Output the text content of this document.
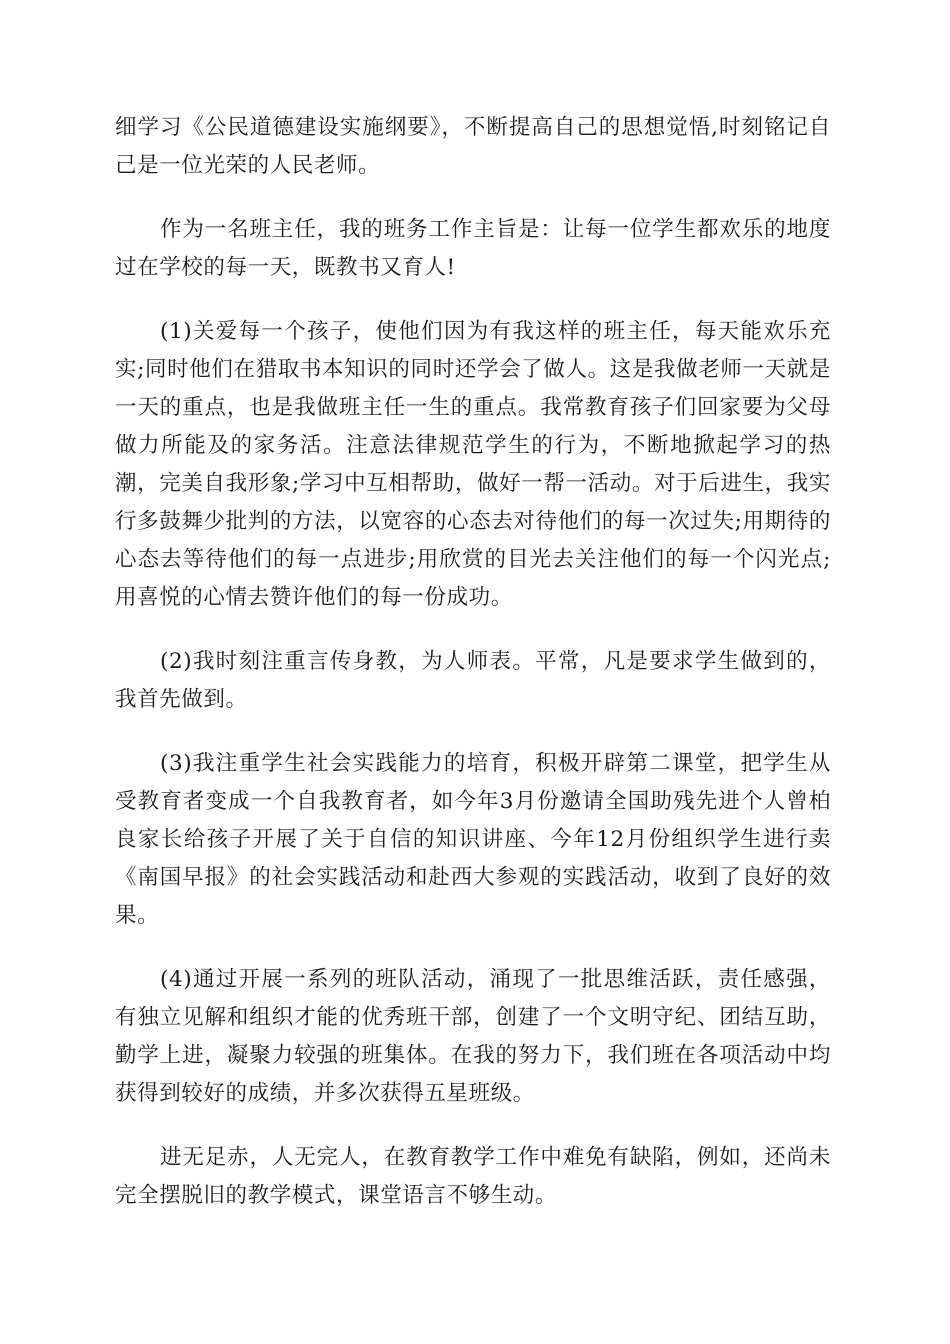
细学习《公民道德建设实施纲要》，不断提高自己的思想觉悟,时刻铭记自己是一位光荣的人民老师。

作为一名班主任，我的班务工作主旨是：让每一位学生都欢乐的地度过在学校的每一天，既教书又育人!

(1)关爱每一个孩子，使他们因为有我这样的班主任，每天能欢乐充实;同时他们在猎取书本知识的同时还学会了做人。这是我做老师一天就是一天的重点，也是我做班主任一生的重点。我常教育孩子们回家要为父母做力所能及的家务活。注意法律规范学生的行为，不断地掀起学习的热潮，完美自我形象;学习中互相帮助，做好一帮一活动。对于后进生，我实行多鼓舞少批判的方法，以宽容的心态去对待他们的每一次过失;用期待的心态去等待他们的每一点进步;用欣赏的目光去关注他们的每一个闪光点;用喜悦的心情去赞许他们的每一份成功。

(2)我时刻注重言传身教，为人师表。平常，凡是要求学生做到的，我首先做到。

(3)我注重学生社会实践能力的培育，积极开辟第二课堂，把学生从受教育者变成一个自我教育者，如今年3月份邀请全国助残先进个人曾柏良家长给孩子开展了关于自信的知识讲座、今年12月份组织学生进行卖《南国早报》的社会实践活动和赴西大参观的实践活动，收到了良好的效果。

(4)通过开展一系列的班队活动，涌现了一批思维活跃，责任感强，有独立见解和组织才能的优秀班干部，创建了一个文明守纪、团结互助，勤学上进，凝聚力较强的班集体。在我的努力下，我们班在各项活动中均获得到较好的成绩，并多次获得五星班级。

进无足赤，人无完人，在教育教学工作中难免有缺陷，例如，还尚未完全摆脱旧的教学模式，课堂语言不够生动。
